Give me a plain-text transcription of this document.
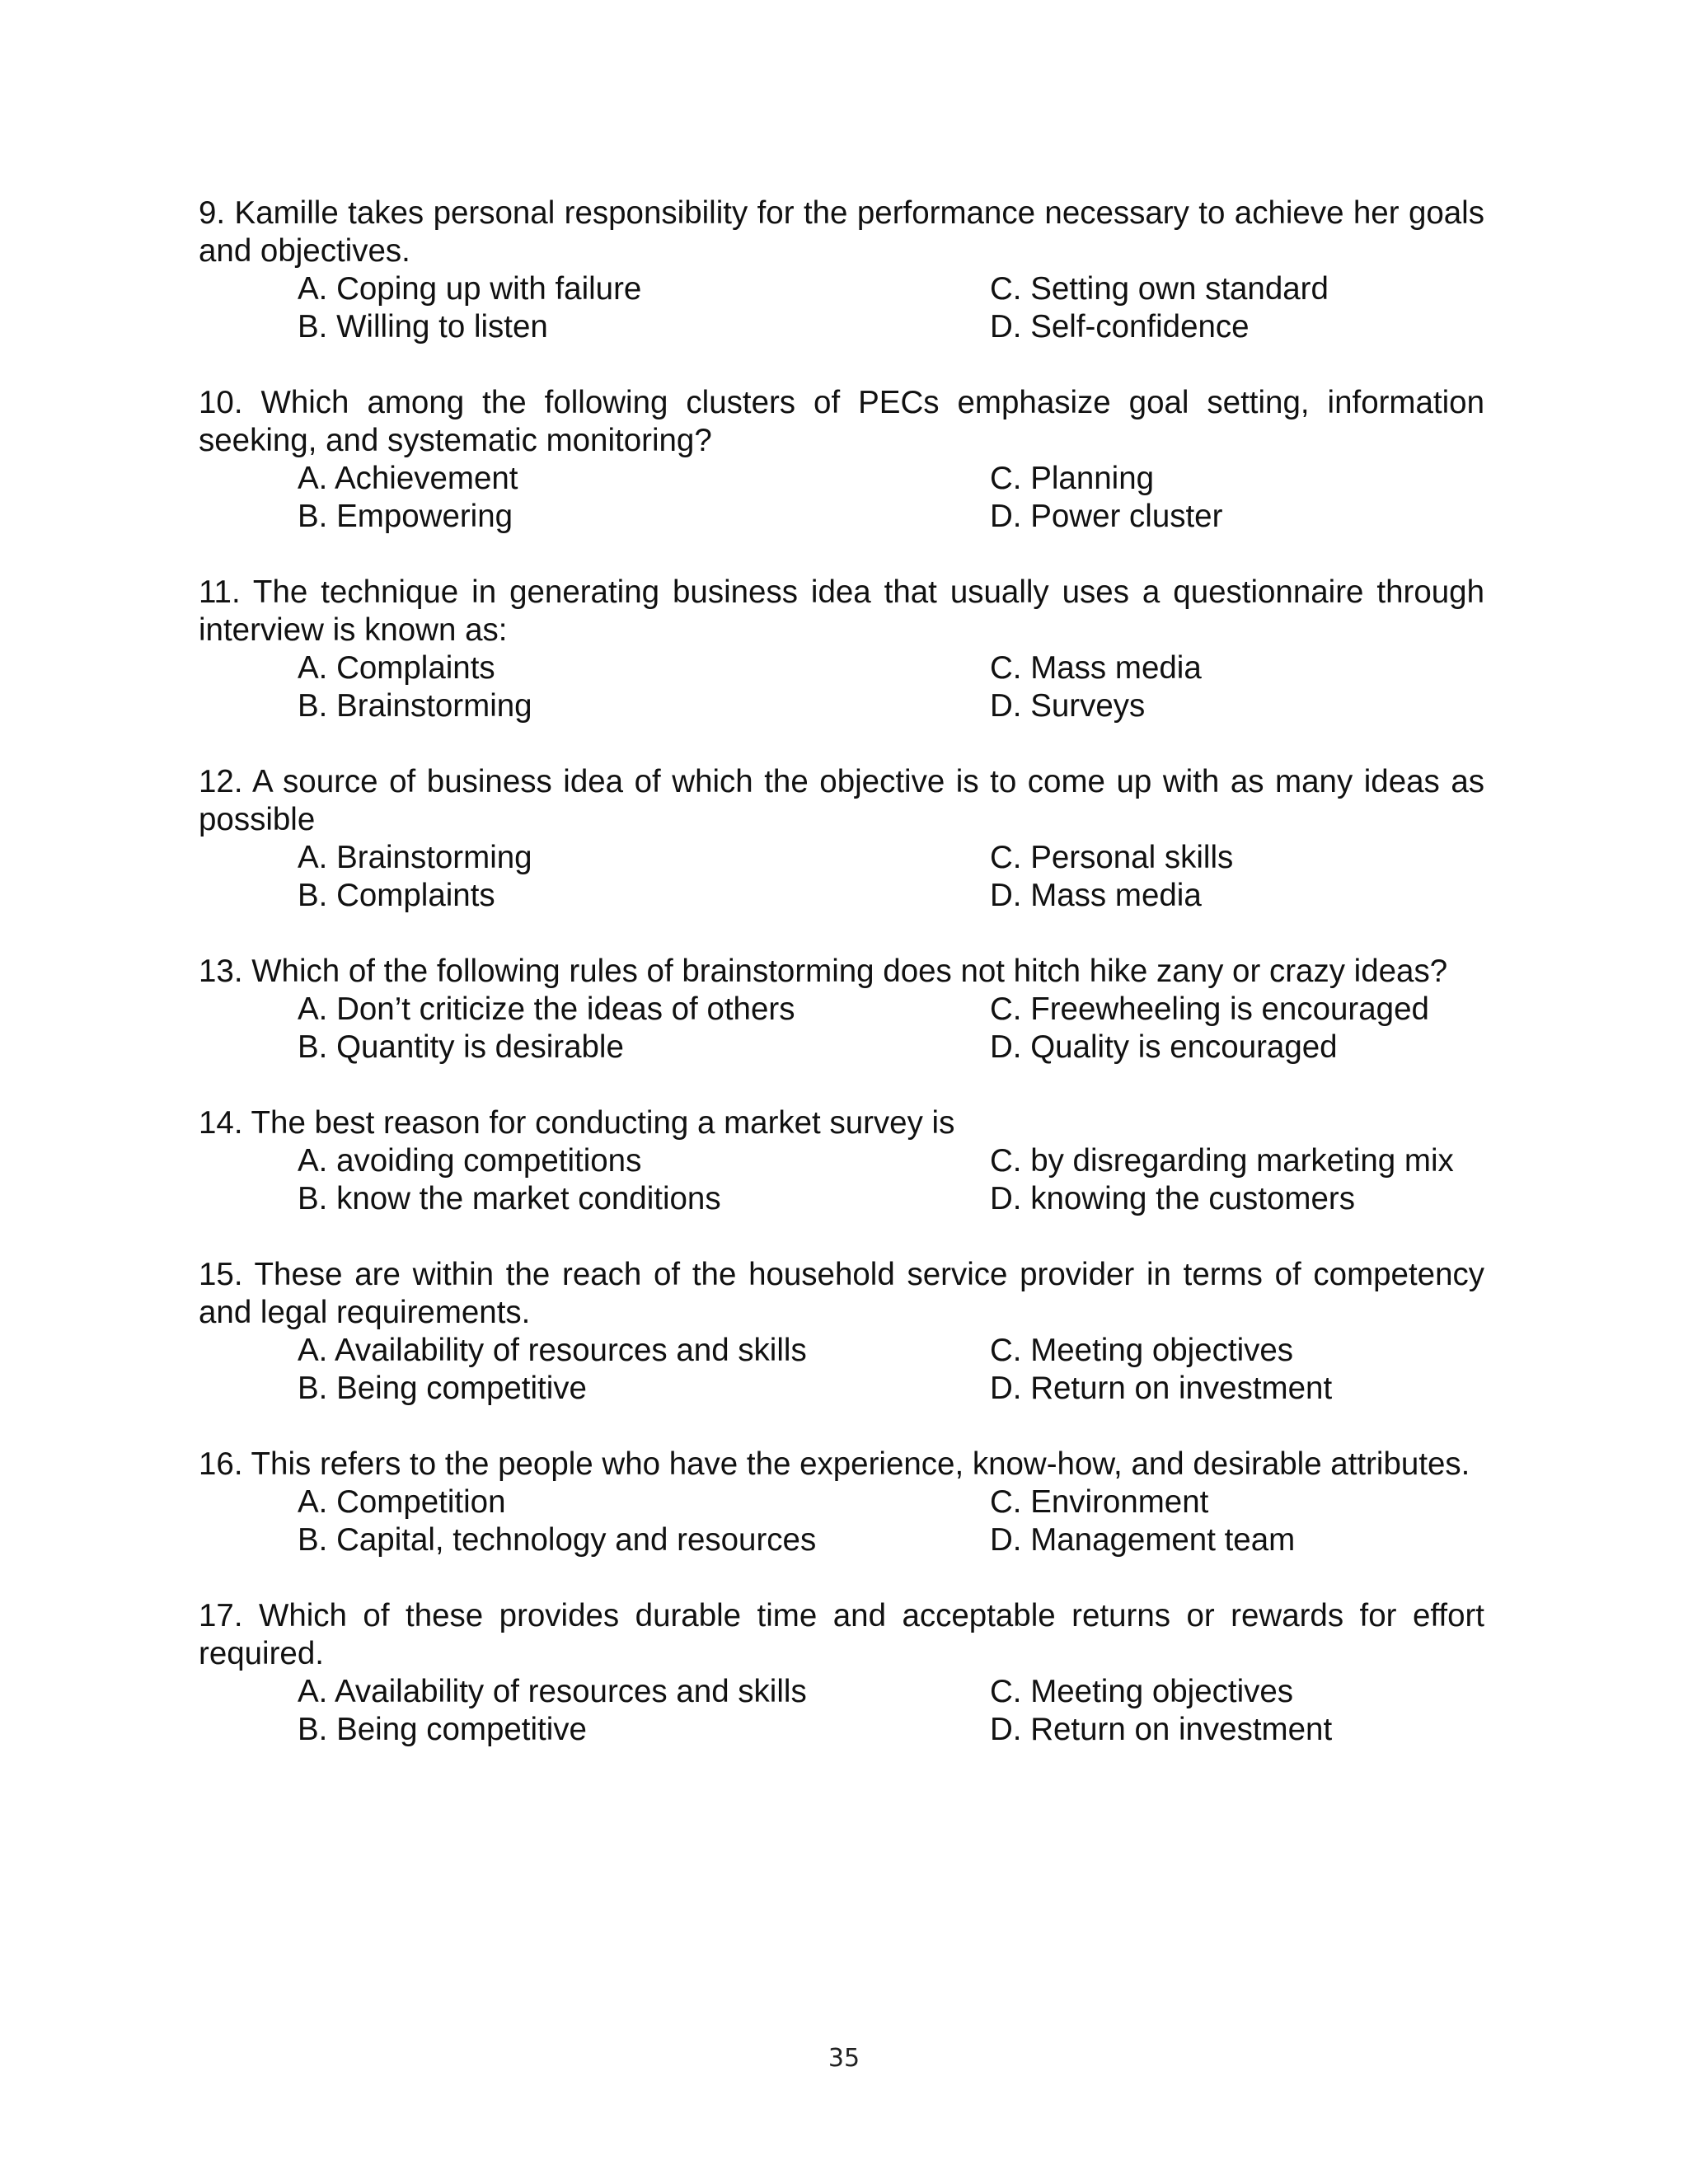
9. Kamille takes personal responsibility for the performance necessary to achieve her goals and objectives.

A. Coping up with failure	C. Setting own standard
B. Willing to listen	D. Self-confidence

10. Which among the following clusters of PECs emphasize goal setting, information seeking, and systematic monitoring?

A. Achievement	C. Planning
B. Empowering	D. Power cluster

11. The technique in generating business idea that usually uses a questionnaire through interview is known as:

A. Complaints	C. Mass media
B. Brainstorming	D. Surveys

12. A source of business idea of which the objective is to come up with as many ideas as possible

A. Brainstorming	C. Personal skills
B. Complaints	D. Mass media

13. Which of the following rules of brainstorming does not hitch hike zany or crazy ideas?

A. Don’t criticize the ideas of others	C. Freewheeling is encouraged
B. Quantity is desirable	D. Quality is encouraged

14. The best reason for conducting a market survey is

A. avoiding competitions	C. by disregarding marketing mix
B. know the market conditions	D. knowing the customers

15. These are within the reach of the household service provider in terms of competency and legal requirements.

A. Availability of resources and skills	C. Meeting objectives
B. Being competitive	D. Return on investment

16. This refers to the people who have the experience, know-how, and desirable attributes.

A. Competition	C. Environment
B. Capital, technology and resources	D. Management team

17. Which of these provides durable time and acceptable returns or rewards for effort required.

A. Availability of resources and skills	C. Meeting objectives
B. Being competitive	D. Return on investment
35
